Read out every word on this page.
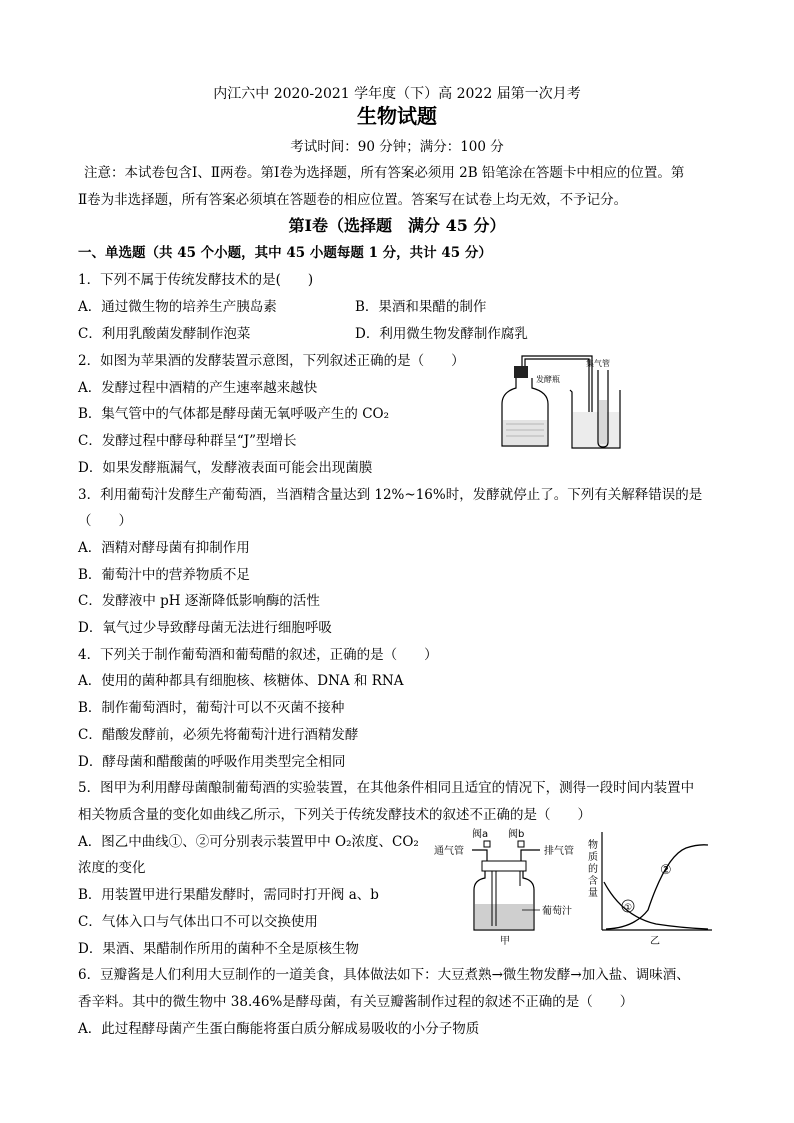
内江六中 2020-2021 学年度（下）高 2022 届第一次月考
生物试题
考试时间：90 分钟；满分：100 分
注意：本试卷包含Ⅰ、Ⅱ两卷。第Ⅰ卷为选择题，所有答案必须用 2B 铅笔涂在答题卡中相应的位置。第
Ⅱ卷为非选择题，所有答案必须填在答题卷的相应位置。答案写在试卷上均无效，不予记分。
第Ⅰ卷（选择题　满分 45 分）
一、单选题（共 45 个小题，其中 45 小题每题 1 分，共计 45 分）
1．下列不属于传统发酵技术的是(　　)
A．通过微生物的培养生产胰岛素	B．果酒和果醋的制作
C．利用乳酸菌发酵制作泡菜	D．利用微生物发酵制作腐乳
2．如图为苹果酒的发酵装置示意图，下列叙述正确的是（　　）
A．发酵过程中酒精的产生速率越来越快
B．集气管中的气体都是酵母菌无氧呼吸产生的 CO₂
C．发酵过程中酵母种群呈“J”型增长
D．如果发酵瓶漏气，发酵液表面可能会出现菌膜
发酵瓶
集气管
3．利用葡萄汁发酵生产葡萄酒，当酒精含量达到 12%~16%时，发酵就停止了。下列有关解释错误的是
（　　）
A．酒精对酵母菌有抑制作用
B．葡萄汁中的营养物质不足
C．发酵液中 pH 逐渐降低影响酶的活性
D．氧气过少导致酵母菌无法进行细胞呼吸
4．下列关于制作葡萄酒和葡萄醋的叙述，正确的是（　　）
A．使用的菌种都具有细胞核、核糖体、DNA 和 RNA
B．制作葡萄酒时，葡萄汁可以不灭菌不接种
C．醋酸发酵前，必须先将葡萄汁进行酒精发酵
D．酵母菌和醋酸菌的呼吸作用类型完全相同
5．图甲为利用酵母菌酿制葡萄酒的实验装置，在其他条件相同且适宜的情况下，测得一段时间内装置中
相关物质含量的变化如曲线乙所示，下列关于传统发酵技术的叙述不正确的是（　　）
A．图乙中曲线①、②可分别表示装置甲中 O₂浓度、CO₂
浓度的变化
B．用装置甲进行果醋发酵时，需同时打开阀 a、b
C．气体入口与气体出口不可以交换使用
D．果酒、果醋制作所用的菌种不全是原核生物
阀a 阀b
通气管	排气管
葡萄汁
甲
物
质
的
含
量
①
②
乙
6．豆瓣酱是人们利用大豆制作的一道美食，具体做法如下：大豆煮熟→微生物发酵→加入盐、调味酒、
香辛料。其中的微生物中 38.46%是酵母菌，有关豆瓣酱制作过程的叙述不正确的是（　　）
A．此过程酵母菌产生蛋白酶能将蛋白质分解成易吸收的小分子物质
